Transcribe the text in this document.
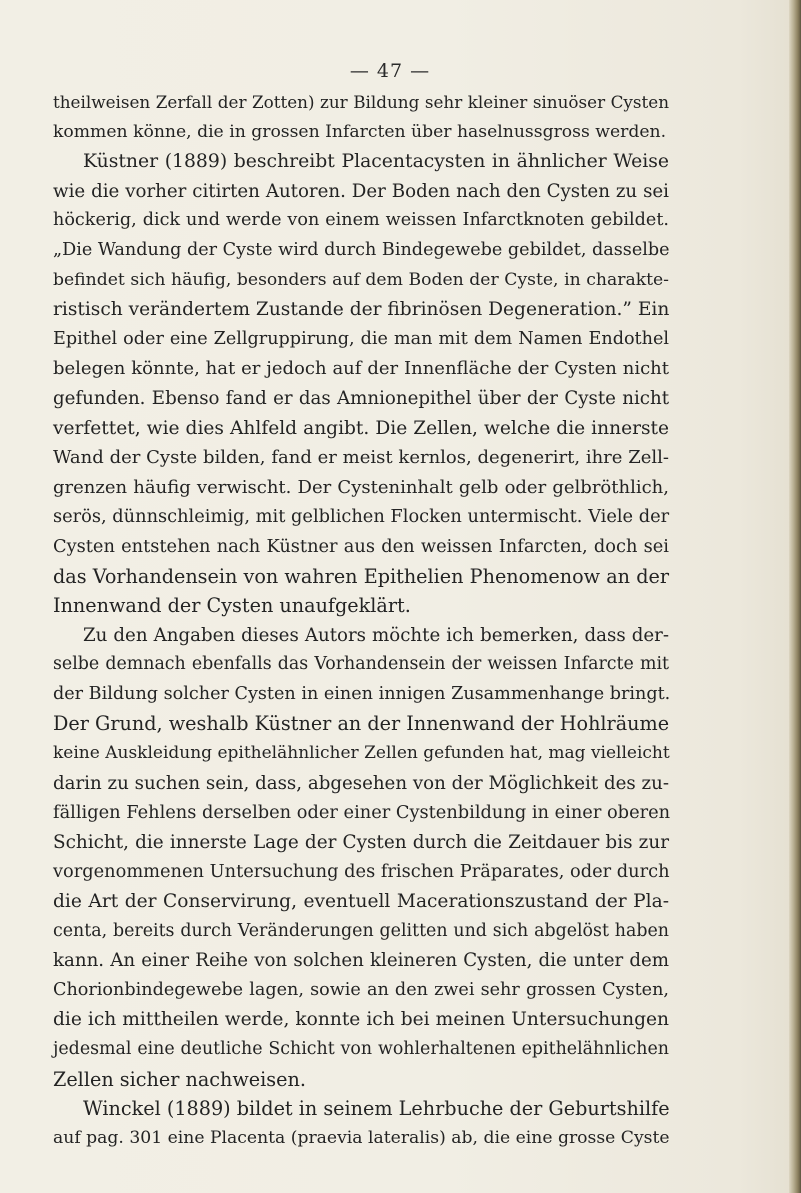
— 47 —
theilweisen Zerfall der Zotten) zur Bildung sehr kleiner sinuöser Cysten
kommen könne, die in grossen Infarcten über haselnussgross werden.
Küstner (1889) beschreibt Placentacysten in ähnlicher Weise
wie die vorher citirten Autoren. Der Boden nach den Cysten zu sei
höckerig, dick und werde von einem weissen Infarctknoten gebildet.
„Die Wandung der Cyste wird durch Bindegewebe gebildet, dasselbe
befindet sich häufig, besonders auf dem Boden der Cyste, in charakte-
ristisch verändertem Zustande der fibrinösen Degeneration.” Ein
Epithel oder eine Zellgruppirung, die man mit dem Namen Endothel
belegen könnte, hat er jedoch auf der Innenfläche der Cysten nicht
gefunden. Ebenso fand er das Amnionepithel über der Cyste nicht
verfettet, wie dies Ahlfeld angibt. Die Zellen, welche die innerste
Wand der Cyste bilden, fand er meist kernlos, degenerirt, ihre Zell-
grenzen häufig verwischt. Der Cysteninhalt gelb oder gelbröthlich,
serös, dünnschleimig, mit gelblichen Flocken untermischt. Viele der
Cysten entstehen nach Küstner aus den weissen Infarcten, doch sei
das Vorhandensein von wahren Epithelien Phenomenow an der
Innenwand der Cysten unaufgeklärt.
Zu den Angaben dieses Autors möchte ich bemerken, dass der-
selbe demnach ebenfalls das Vorhandensein der weissen Infarcte mit
der Bildung solcher Cysten in einen innigen Zusammenhange bringt.
Der Grund, weshalb Küstner an der Innenwand der Hohlräume
keine Auskleidung epithelähnlicher Zellen gefunden hat, mag vielleicht
darin zu suchen sein, dass, abgesehen von der Möglichkeit des zu-
fälligen Fehlens derselben oder einer Cystenbildung in einer oberen
Schicht, die innerste Lage der Cysten durch die Zeitdauer bis zur
vorgenommenen Untersuchung des frischen Präparates, oder durch
die Art der Conservirung, eventuell Macerationszustand der Pla-
centa, bereits durch Veränderungen gelitten und sich abgelöst haben
kann. An einer Reihe von solchen kleineren Cysten, die unter dem
Chorionbindegewebe lagen, sowie an den zwei sehr grossen Cysten,
die ich mittheilen werde, konnte ich bei meinen Untersuchungen
jedesmal eine deutliche Schicht von wohlerhaltenen epithelähnlichen
Zellen sicher nachweisen.
Winckel (1889) bildet in seinem Lehrbuche der Geburtshilfe
auf pag. 301 eine Placenta (praevia lateralis) ab, die eine grosse Cyste
